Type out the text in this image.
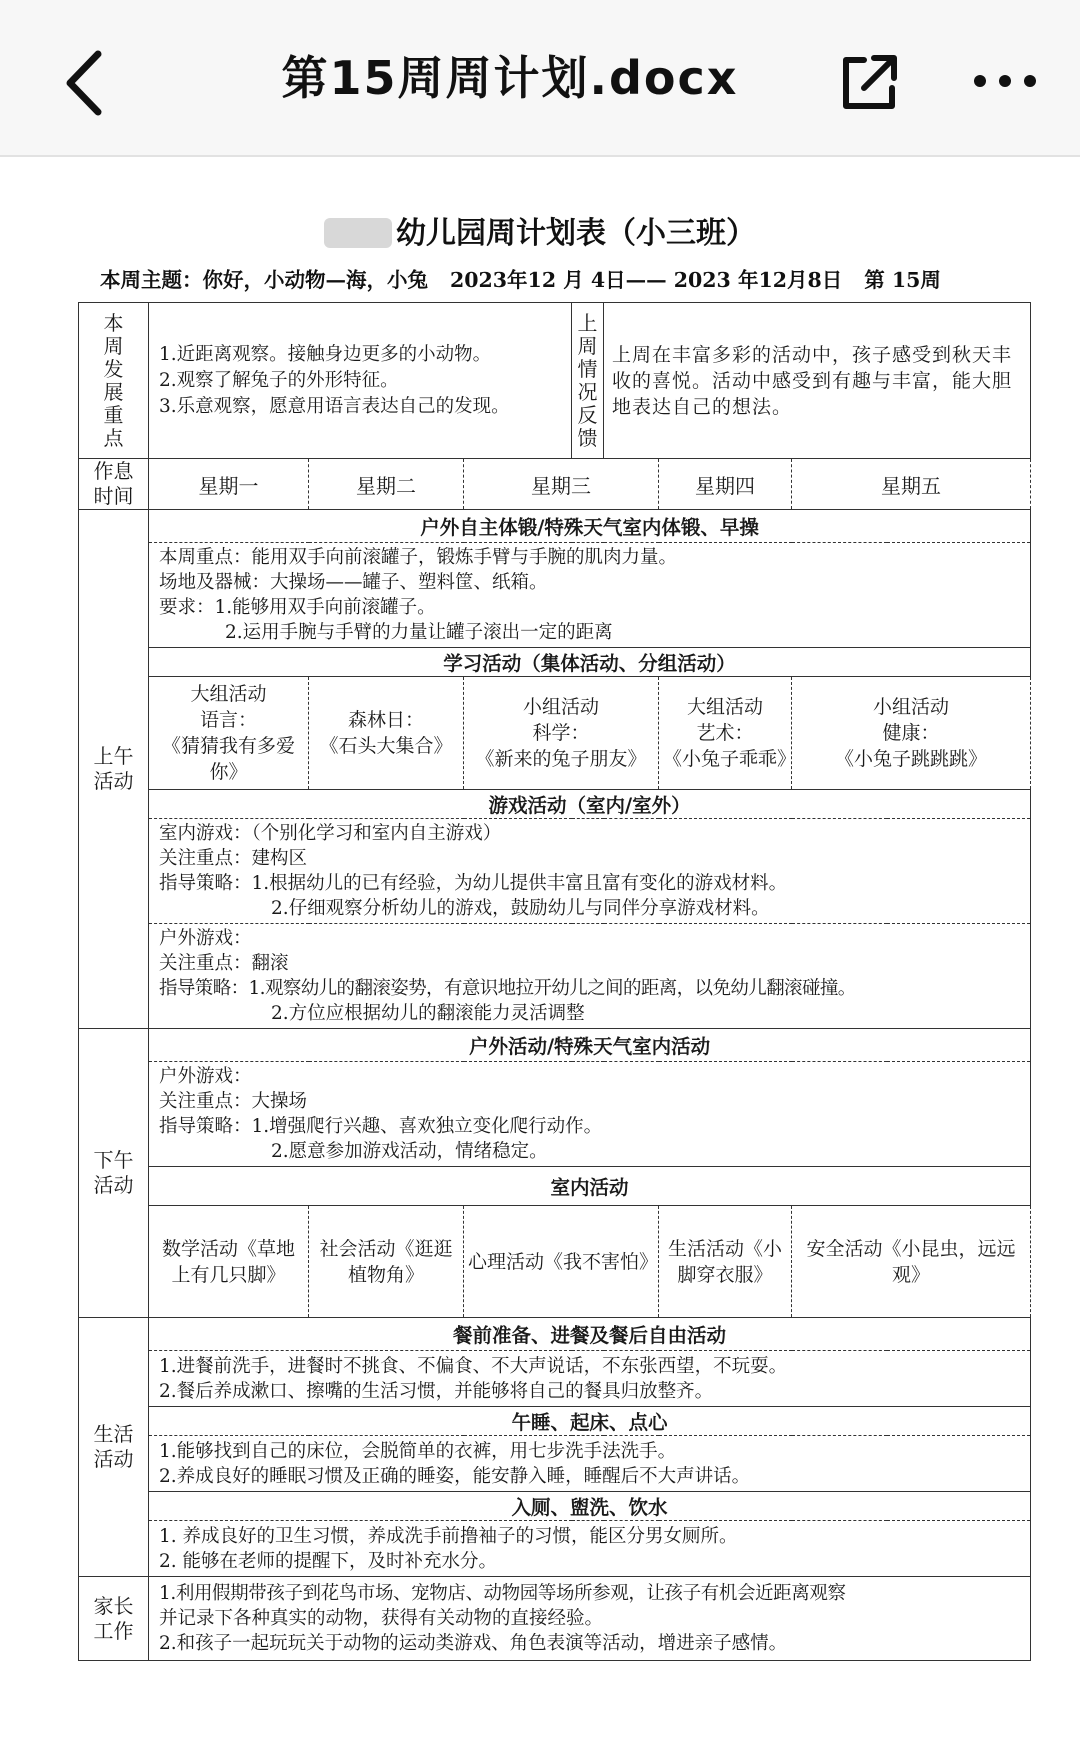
第15周周计划.docx
幼儿园周计划表（小三班）
本周主题：你好，小动物—海，小兔 2023年12 月 4日—— 2023 年12月8日 第 15周
本周发展重点	1.近距离观察。接触身边更多的小动物。
2.观察了解兔子的外形特征。
3.乐意观察，愿意用语言表达自己的发现。			上周情况反馈	上周在丰富多彩的活动中，孩子感受到秋天丰收的喜悦。活动中感受到有趣与丰富，能大胆地表达自己的想法。		

作息时间	星期一	星期二	星期三			星期四	星期五

上午活动	户外自主体锻/特殊天气室内体锻、早操						

	本周重点：能用双手向前滚罐子，锻炼手臂与手腕的肌肉力量。
场地及器械：大操场——罐子、塑料筐、纸箱。
要求：1.能够用双手向前滚罐子。
2.运用手腕与手臂的力量让罐子滚出一定的距离						

	学习活动（集体活动、分组活动）						

	大组活动
语言：
《猜猜我有多爱你》	森林日：
《石头大集合》	小组活动
科学：
《新来的兔子朋友》			大组活动
艺术：
《小兔子乖乖》	小组活动
健康：
《小兔子跳跳跳》
	游戏活动（室内/室外）						

	室内游戏：（个别化学习和室内自主游戏）
关注重点：建构区
指导策略：1.根据幼儿的已有经验，为幼儿提供丰富且富有变化的游戏材料。
2.仔细观察分析幼儿的游戏，鼓励幼儿与同伴分享游戏材料。						

	户外游戏：
关注重点：翻滚
指导策略：1.观察幼儿的翻滚姿势，有意识地拉开幼儿之间的距离，以免幼儿翻滚碰撞。
2.方位应根据幼儿的翻滚能力灵活调整						

下午活动	户外活动/特殊天气室内活动						

	户外游戏：
关注重点：大操场
指导策略：1.增强爬行兴趣、喜欢独立变化爬行动作。
2.愿意参加游戏活动，情绪稳定。						

	室内活动						
	数学活动《草地上有几只脚》	社会活动《逛逛植物角》	心理活动《我不害怕》			生活活动《小脚穿衣服》	安全活动《小昆虫，远远观》

生活活动	餐前准备、进餐及餐后自由活动						

	1.进餐前洗手，进餐时不挑食、不偏食、不大声说话，不东张西望，不玩耍。
2.餐后养成漱口、擦嘴的生活习惯，并能够将自己的餐具归放整齐。						

	午睡、起床、点心						

	1.能够找到自己的床位，会脱简单的衣裤，用七步洗手法洗手。
2.养成良好的睡眠习惯及正确的睡姿，能安静入睡，睡醒后不大声讲话。						

	入厕、盥洗、饮水						

	1. 养成良好的卫生习惯，养成洗手前撸袖子的习惯，能区分男女厕所。
2. 能够在老师的提醒下，及时补充水分。						

家长工作	1.利用假期带孩子到花鸟市场、宠物店、动物园等场所参观，让孩子有机会近距离观察
并记录下各种真实的动物，获得有关动物的直接经验。
2.和孩子一起玩玩关于动物的运动类游戏、角色表演等活动，增进亲子感情。						
